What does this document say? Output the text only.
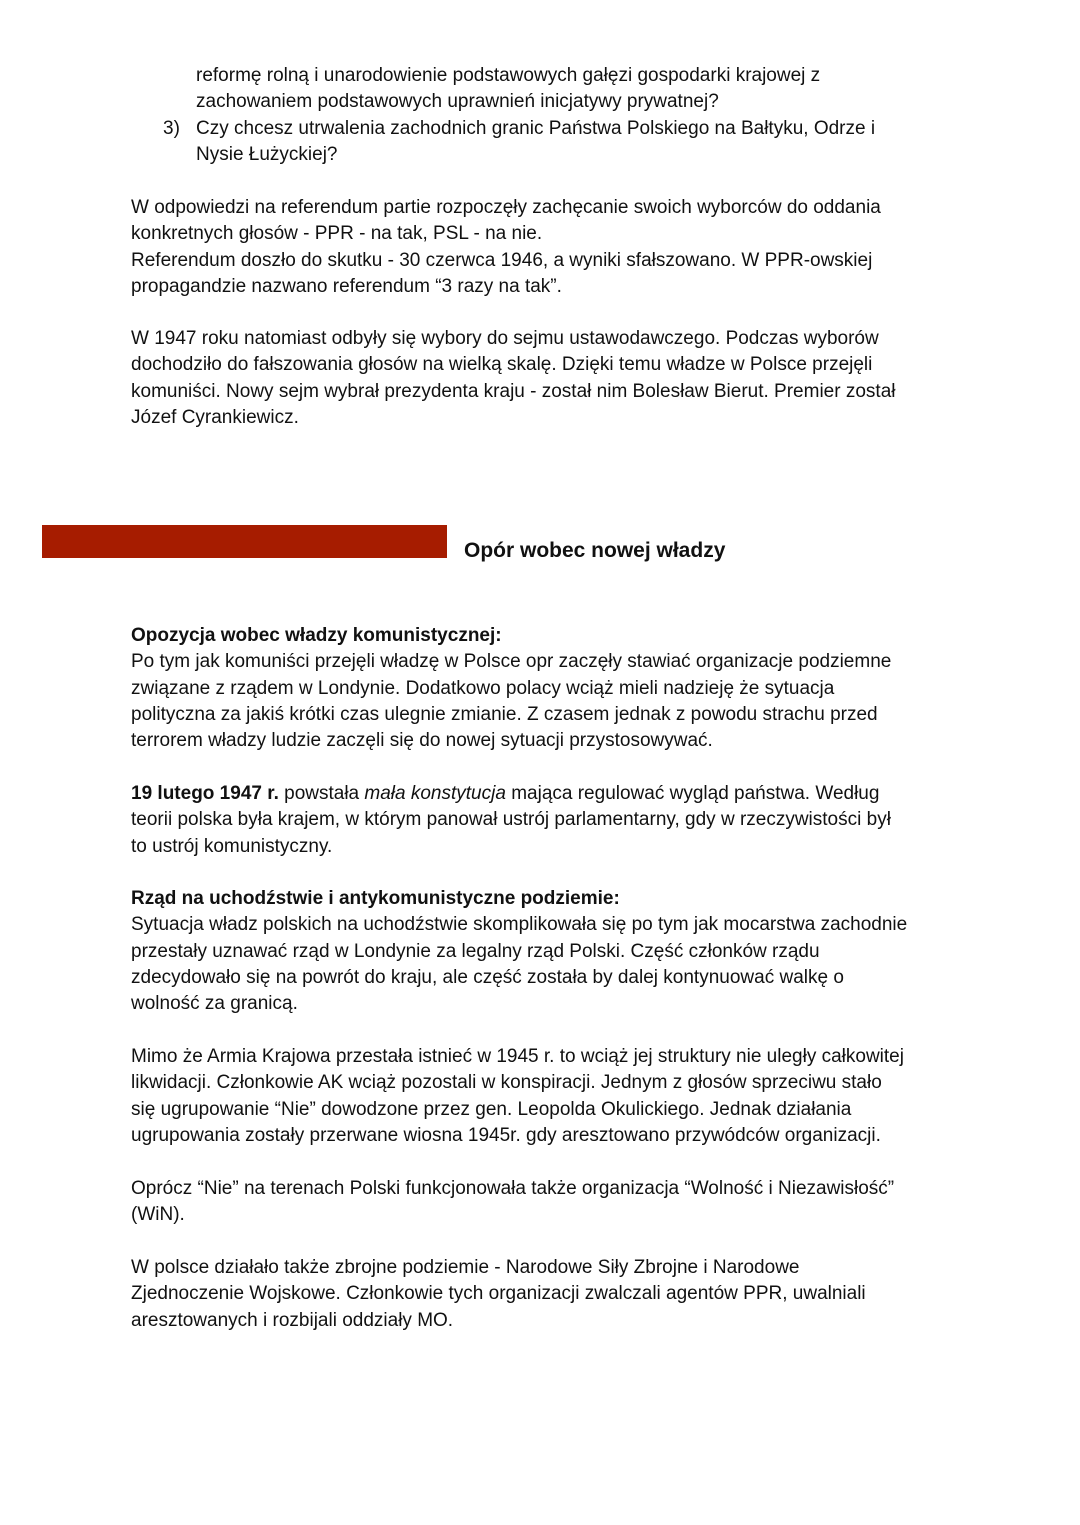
reformę rolną i unarodowienie podstawowych gałęzi gospodarki krajowej z
zachowaniem podstawowych uprawnień inicjatywy prywatnej?
3) Czy chcesz utrwalenia zachodnich granic Państwa Polskiego na Bałtyku, Odrze i
Nysie Łużyckiej?
W odpowiedzi na referendum partie rozpoczęły zachęcanie swoich wyborców do oddania
konkretnych głosów - PPR - na tak, PSL - na nie.
Referendum doszło do skutku - 30 czerwca 1946, a wyniki sfałszowano. W PPR-owskiej
propagandzie nazwano referendum “3 razy na tak”.
W 1947 roku natomiast odbyły się wybory do sejmu ustawodawczego. Podczas wyborów
dochodziło do fałszowania głosów na wielką skalę. Dzięki temu władze w Polsce przejęli
komuniści. Nowy sejm wybrał prezydenta kraju - został nim Bolesław Bierut. Premier został
Józef Cyrankiewicz.
Opór wobec nowej władzy
Opozycja wobec władzy komunistycznej:
Po tym jak komuniści przejęli władzę w Polsce opr zaczęły stawiać organizacje podziemne
związane z rządem w Londynie. Dodatkowo polacy wciąż mieli nadzieję że sytuacja
polityczna za jakiś krótki czas ulegnie zmianie. Z czasem jednak z powodu strachu przed
terrorem władzy ludzie zaczęli się do nowej sytuacji przystosowywać.
19 lutego 1947 r. powstała mała konstytucja mająca regulować wygląd państwa. Według
teorii polska była krajem, w którym panował ustrój parlamentarny, gdy w rzeczywistości był
to ustrój komunistyczny.
Rząd na uchodźstwie i antykomunistyczne podziemie:
Sytuacja władz polskich na uchodźstwie skomplikowała się po tym jak mocarstwa zachodnie
przestały uznawać rząd w Londynie za legalny rząd Polski. Część członków rządu
zdecydowało się na powrót do kraju, ale część została by dalej kontynuować walkę o
wolność za granicą.
Mimo że Armia Krajowa przestała istnieć w 1945 r. to wciąż jej struktury nie uległy całkowitej
likwidacji. Członkowie AK wciąż pozostali w konspiracji. Jednym z głosów sprzeciwu stało
się ugrupowanie “Nie” dowodzone przez gen. Leopolda Okulickiego. Jednak działania
ugrupowania zostały przerwane wiosna 1945r. gdy aresztowano przywódców organizacji.
Oprócz “Nie” na terenach Polski funkcjonowała także organizacja “Wolność i Niezawisłość”
(WiN).
W polsce działało także zbrojne podziemie - Narodowe Siły Zbrojne i Narodowe
Zjednoczenie Wojskowe. Członkowie tych organizacji zwalczali agentów PPR, uwalniali
aresztowanych i rozbijali oddziały MO.
